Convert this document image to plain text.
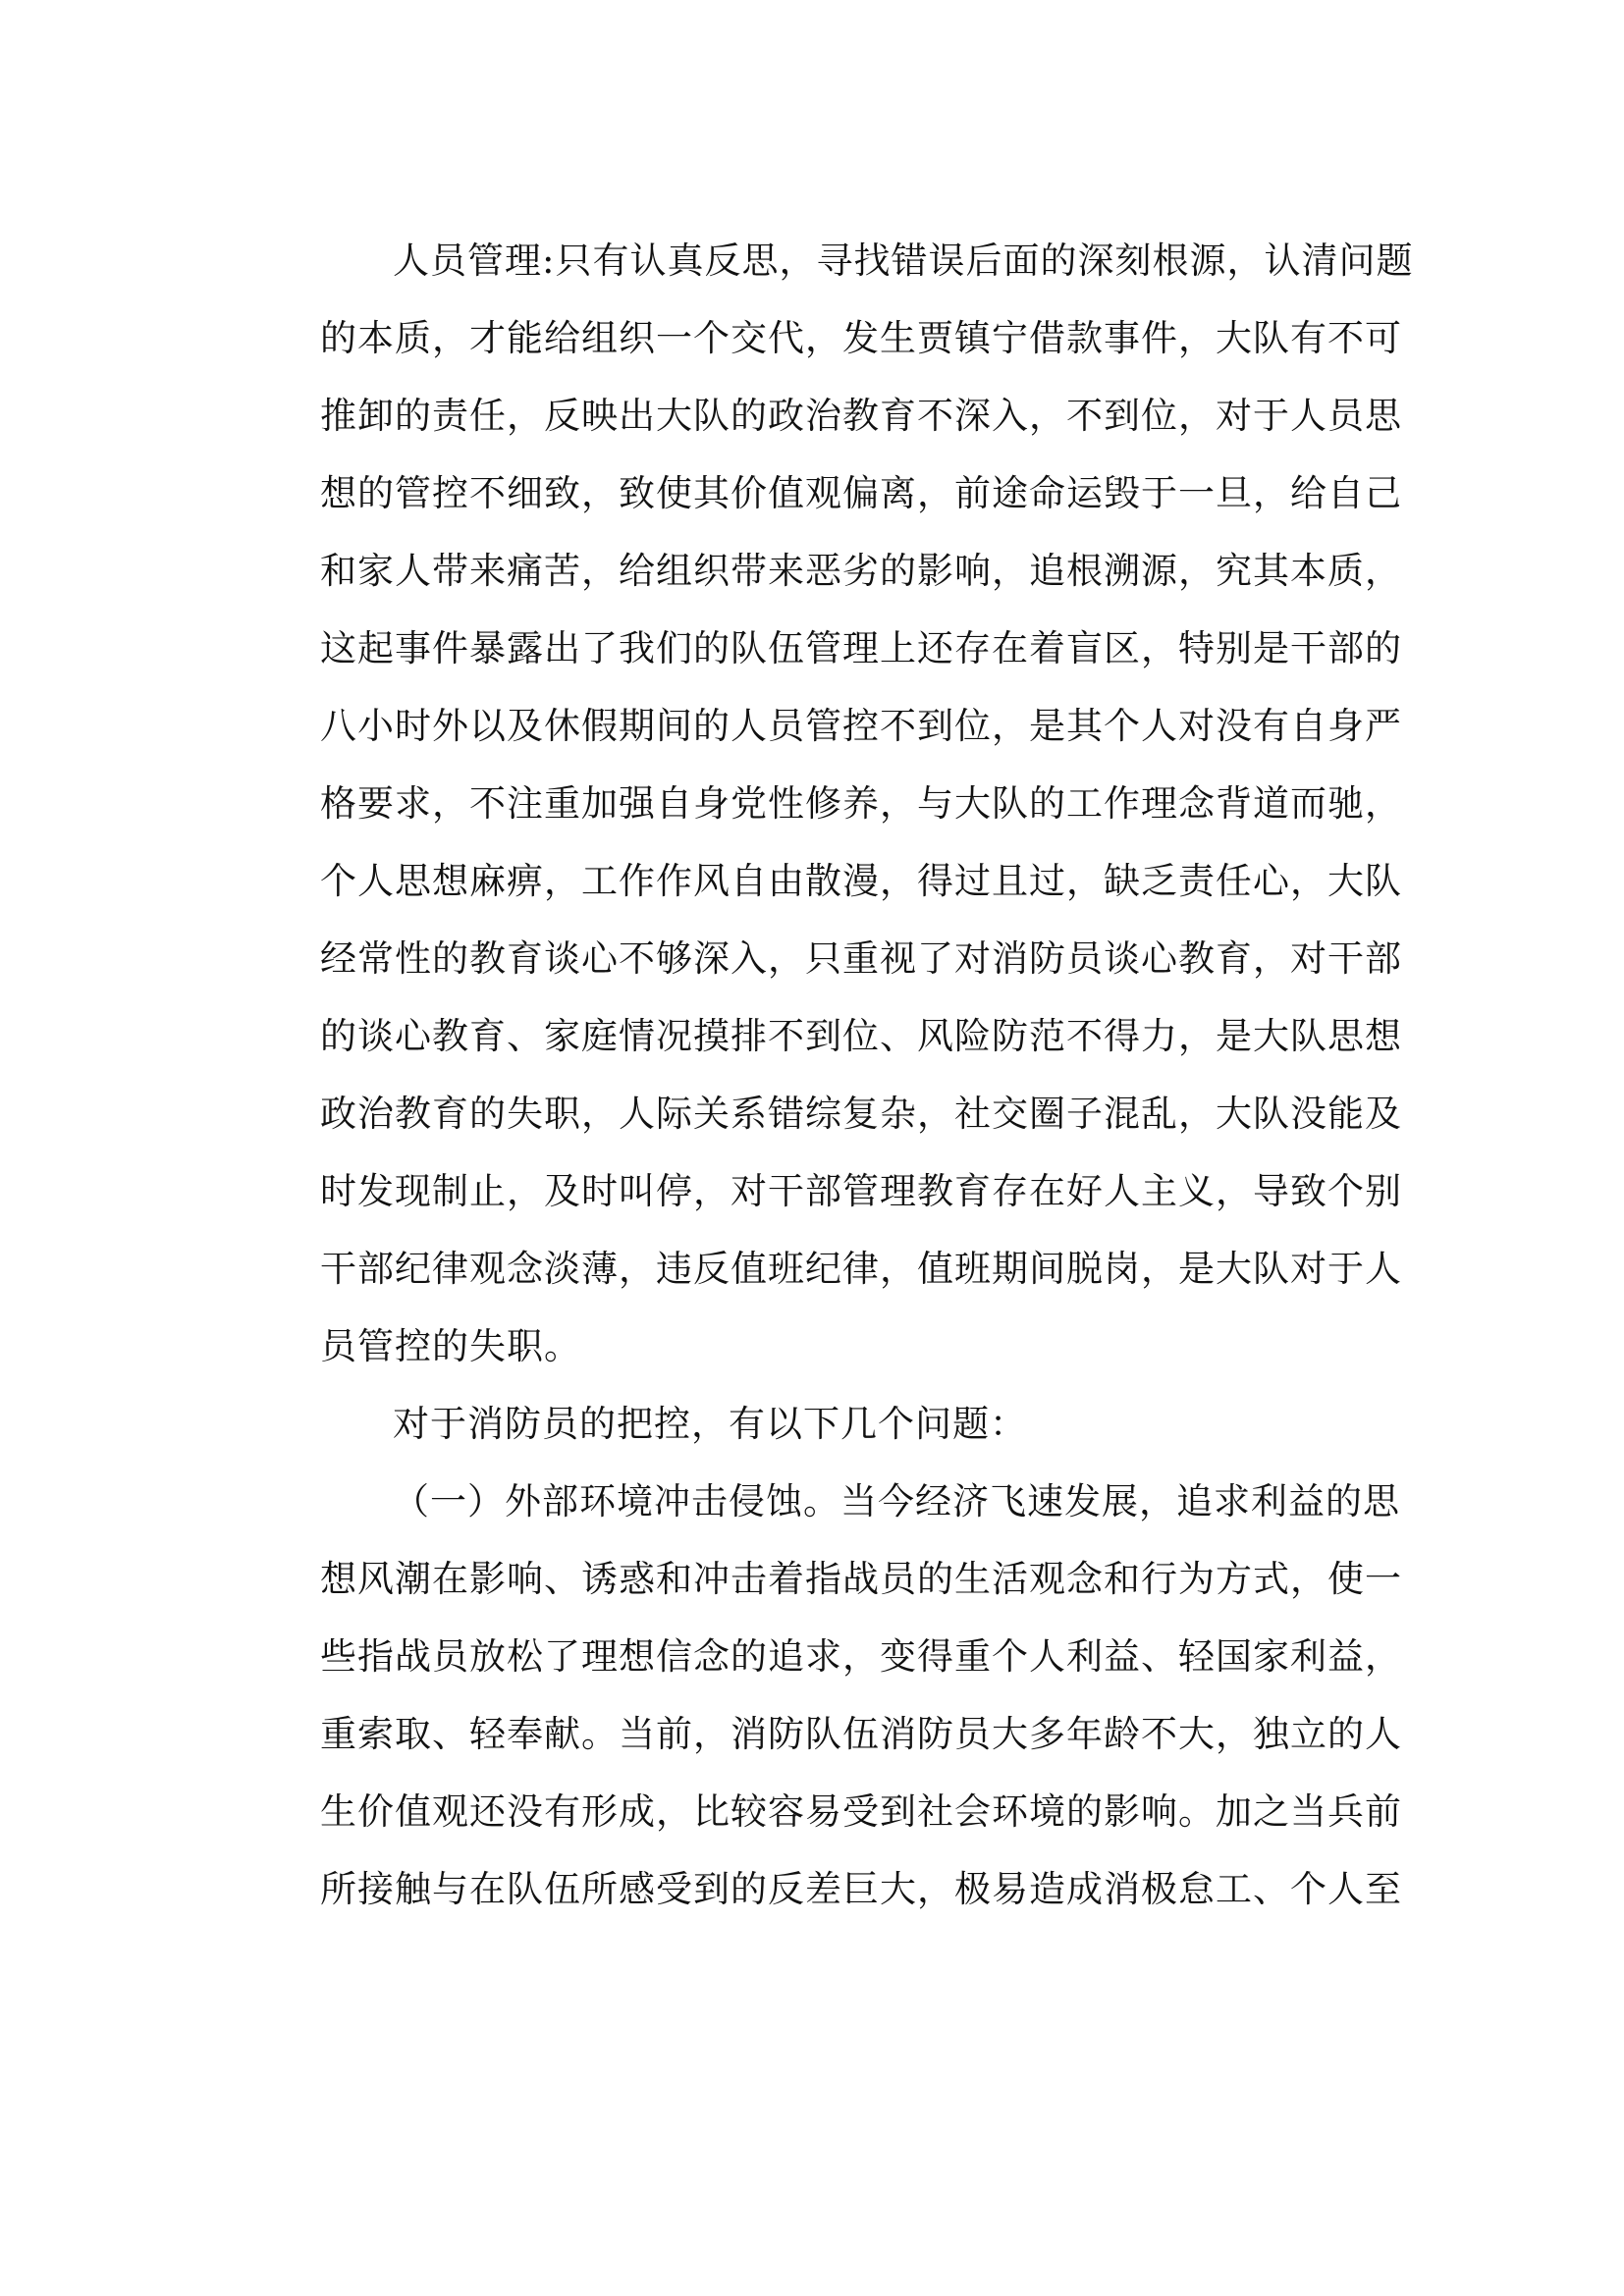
人员管理:只有认真反思，寻找错误后面的深刻根源，认清问题
的本质，才能给组织一个交代，发生贾镇宁借款事件，大队有不可
推卸的责任，反映出大队的政治教育不深入，不到位，对于人员思
想的管控不细致，致使其价值观偏离，前途命运毁于一旦，给自己
和家人带来痛苦，给组织带来恶劣的影响，追根溯源，究其本质，
这起事件暴露出了我们的队伍管理上还存在着盲区，特别是干部的
八小时外以及休假期间的人员管控不到位，是其个人对没有自身严
格要求，不注重加强自身党性修养，与大队的工作理念背道而驰，
个人思想麻痹，工作作风自由散漫，得过且过，缺乏责任心，大队
经常性的教育谈心不够深入，只重视了对消防员谈心教育，对干部
的谈心教育、家庭情况摸排不到位、风险防范不得力，是大队思想
政治教育的失职，人际关系错综复杂，社交圈子混乱，大队没能及
时发现制止，及时叫停，对干部管理教育存在好人主义，导致个别
干部纪律观念淡薄，违反值班纪律，值班期间脱岗，是大队对于人
员管控的失职。
对于消防员的把控，有以下几个问题：
（一）外部环境冲击侵蚀。当今经济飞速发展，追求利益的思
想风潮在影响、诱惑和冲击着指战员的生活观念和行为方式，使一
些指战员放松了理想信念的追求，变得重个人利益、轻国家利益，
重索取、轻奉献。当前，消防队伍消防员大多年龄不大，独立的人
生价值观还没有形成，比较容易受到社会环境的影响。加之当兵前
所接触与在队伍所感受到的反差巨大，极易造成消极怠工、个人至
